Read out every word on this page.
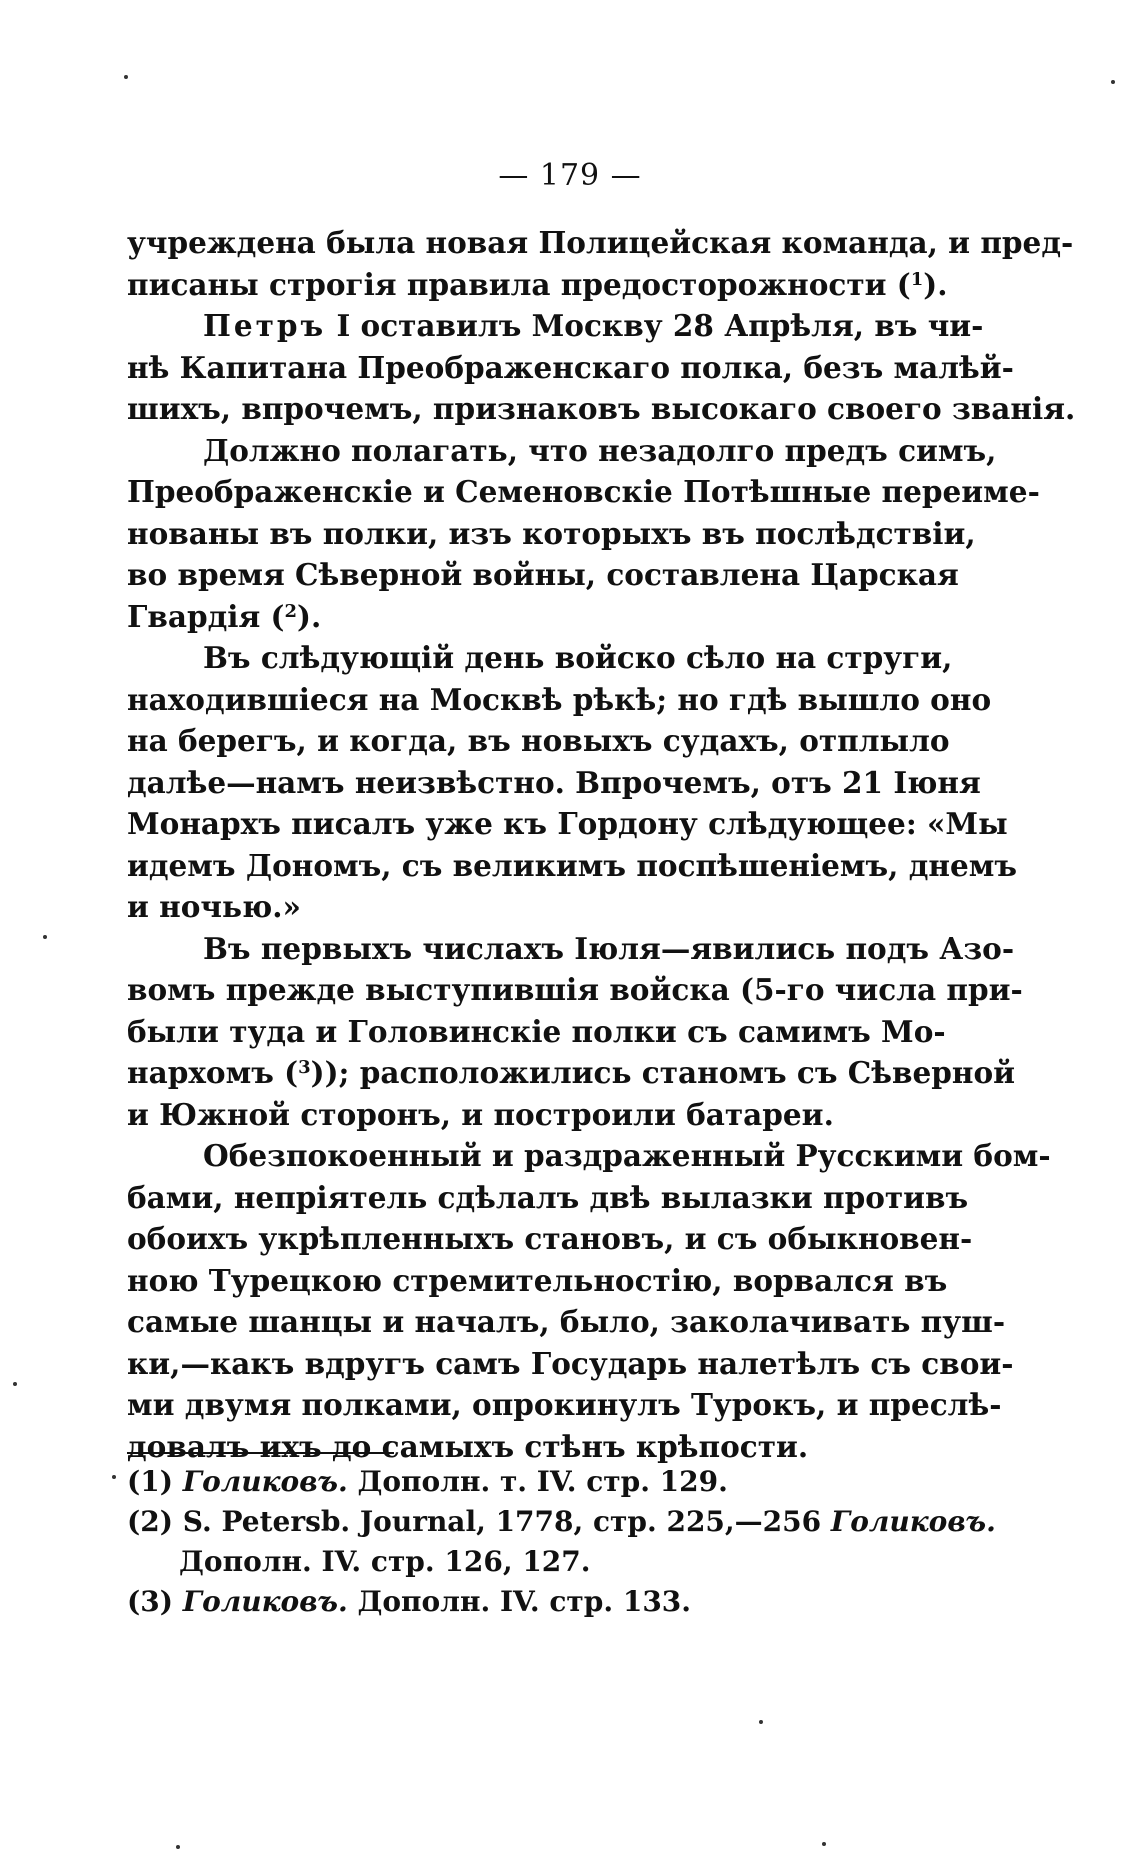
— 179 —
учреждена была новая Полицейская команда, и пред-
писаны строгія правила предосторожности ($^1$).
Петръ I оставилъ Москву 28 Апрѣля, въ чи-
нѣ Капитана Преображенскаго полка, безъ малѣй-
шихъ, впрочемъ, признаковъ высокаго своего званія.
Должно полагать, что незадолго предъ симъ,
Преображенскіе и Семеновскіе Потѣшные переиме-
нованы въ полки, изъ которыхъ въ послѣдствіи,
во время Сѣверной войны, составлена Царская
Гвардія ($^2$).
Въ слѣдующій день войско сѣло на струги,
находившіеся на Москвѣ рѣкѣ; но гдѣ вышло оно
на берегъ, и когда, въ новыхъ судахъ, отплыло
далѣе—намъ неизвѣстно. Впрочемъ, отъ 21 Іюня
Монархъ писалъ уже къ Гордону слѣдующее: «Мы
идемъ Дономъ, съ великимъ поспѣшеніемъ, днемъ
и ночью.»
Въ первыхъ числахъ Іюля—явились подъ Азо-
вомъ прежде выступившія войска (5-го числа при-
были туда и Головинскіе полки съ самимъ Мо-
нархомъ ($^3$)); расположились станомъ съ Сѣверной
и Южной сторонъ, и построили батареи.
Обезпокоенный и раздраженный Русскими бом-
бами, непріятель сдѣлалъ двѣ вылазки противъ
обоихъ укрѣпленныхъ становъ, и съ обыкновен-
ною Турецкою стремительностію, ворвался въ
самые шанцы и началъ, было, заколачивать пуш-
ки,—какъ вдругъ самъ Государь налетѣлъ съ свои-
ми двумя полками, опрокинулъ Турокъ, и преслѣ-
довалъ ихъ до самыхъ стѣнъ крѣпости.
(1) Голиковъ. Дополн. т. IV. стр. 129.
(2) S. Petersb. Journal, 1778, стр. 225,—256 Голиковъ.
Дополн. IV. стр. 126, 127.
(3) Голиковъ. Дополн. IV. стр. 133.
